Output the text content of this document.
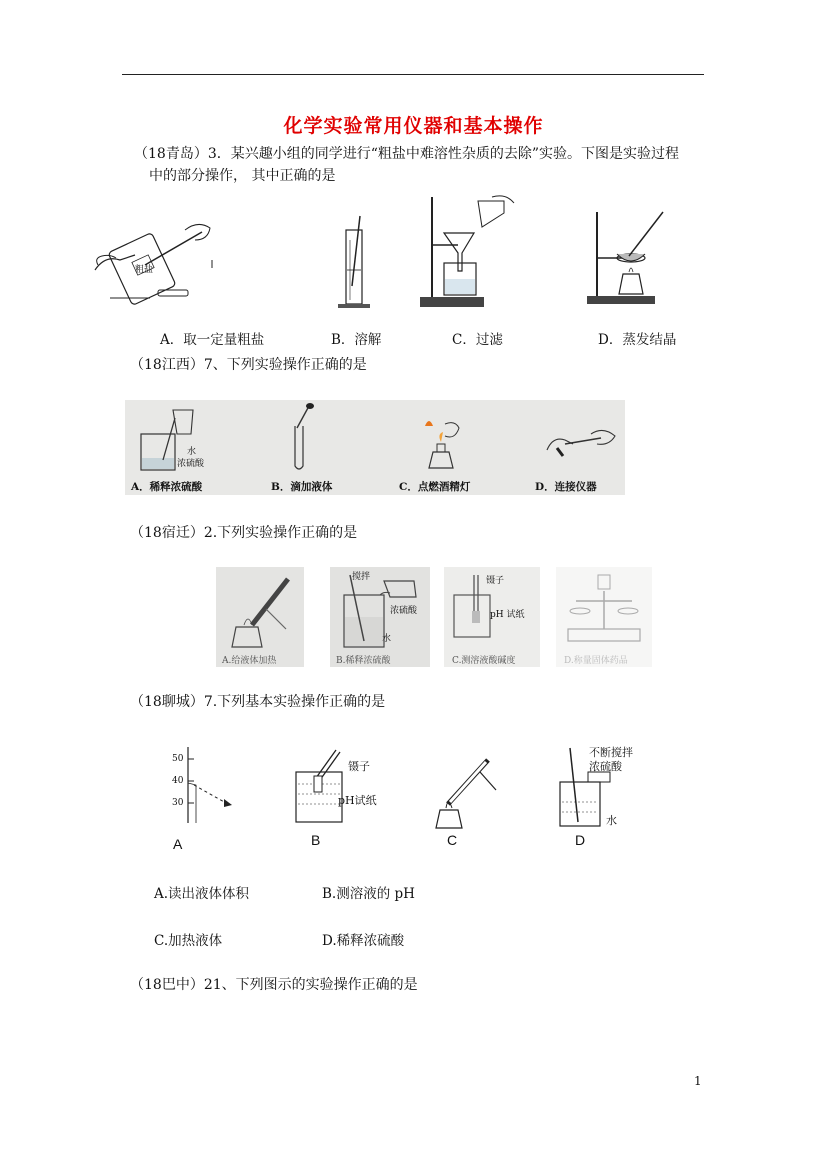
化学实验常用仪器和基本操作
（18青岛）3．某兴趣小组的同学进行“粗盐中难溶性杂质的去除”实验。下图是实验过程
中的部分操作， 其中正确的是
粗盐
A．取一定量粗盐	B．溶解	C．过滤	D．蒸发结晶
（18江西）7、下列实验操作正确的是
水
浓硫酸
A．稀释浓硫酸	B．滴加液体	C．点燃酒精灯	D．连接仪器
（18宿迁）2.下列实验操作正确的是
A.给液体加热
搅拌
浓硫酸
水
B.稀释浓硫酸
镊子
pH 试纸
C.测溶液酸碱度	D.称量固体药品
（18聊城）7.下列基本实验操作正确的是
50
40
30
镊子
pH试纸
不断搅拌
浓硫酸
水
A	B	C	D
A.读出液体体积	B.测溶液的 pH
C.加热液体	D.稀释浓硫酸
（18巴中）21、下列图示的实验操作正确的是
1
